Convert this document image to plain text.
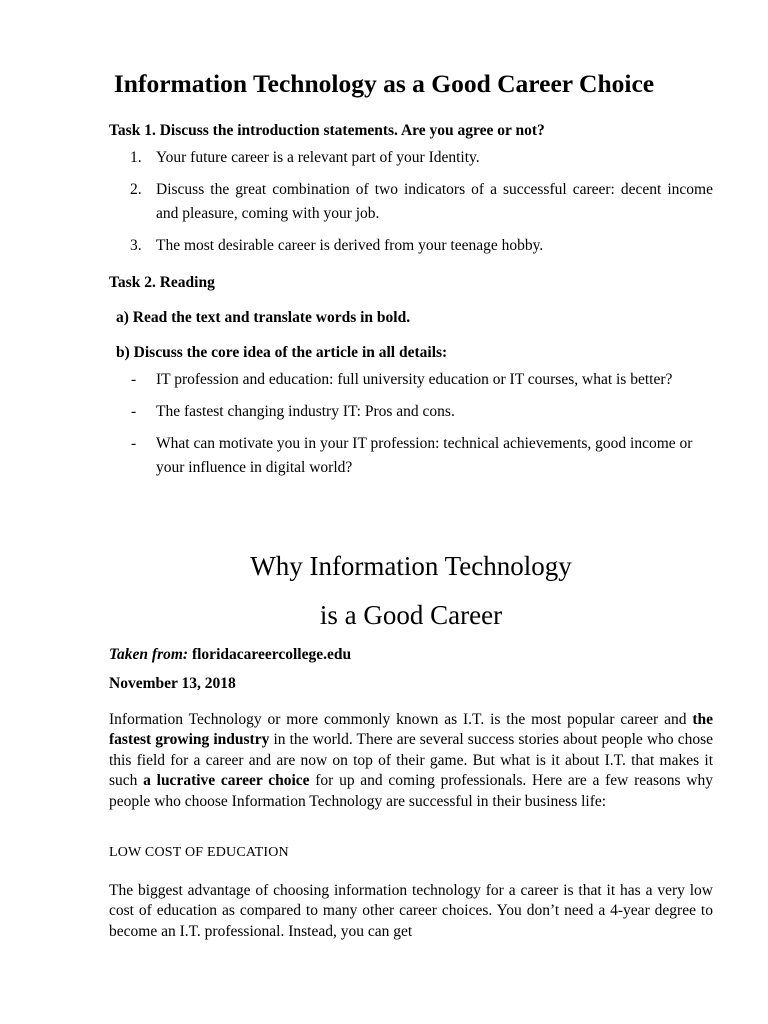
Information Technology as a Good Career Choice
Task 1. Discuss the introduction statements. Are you agree or not?
1. Your future career is a relevant part of your Identity.
2. Discuss the great combination of two indicators of a successful career: decent income and pleasure, coming with your job.
3. The most desirable career is derived from your teenage hobby.
Task 2. Reading
a) Read the text and translate words in bold.
b) Discuss the core idea of the article in all details:
- IT profession and education: full university education or IT courses, what is better?
- The fastest changing industry IT: Pros and cons.
- What can motivate you in your IT profession: technical achievements, good income or your influence in digital world?
Why Information Technology
is a Good Career
Taken from: floridacareercollege.edu
November 13, 2018
Information Technology or more commonly known as I.T. is the most popular career and the fastest growing industry in the world. There are several success stories about people who chose this field for a career and are now on top of their game. But what is it about I.T. that makes it such a lucrative career choice for up and coming professionals. Here are a few reasons why people who choose Information Technology are successful in their business life:
LOW COST OF EDUCATION
The biggest advantage of choosing information technology for a career is that it has a very low cost of education as compared to many other career choices. You don’t need a 4-year degree to become an I.T. professional. Instead, you can get
